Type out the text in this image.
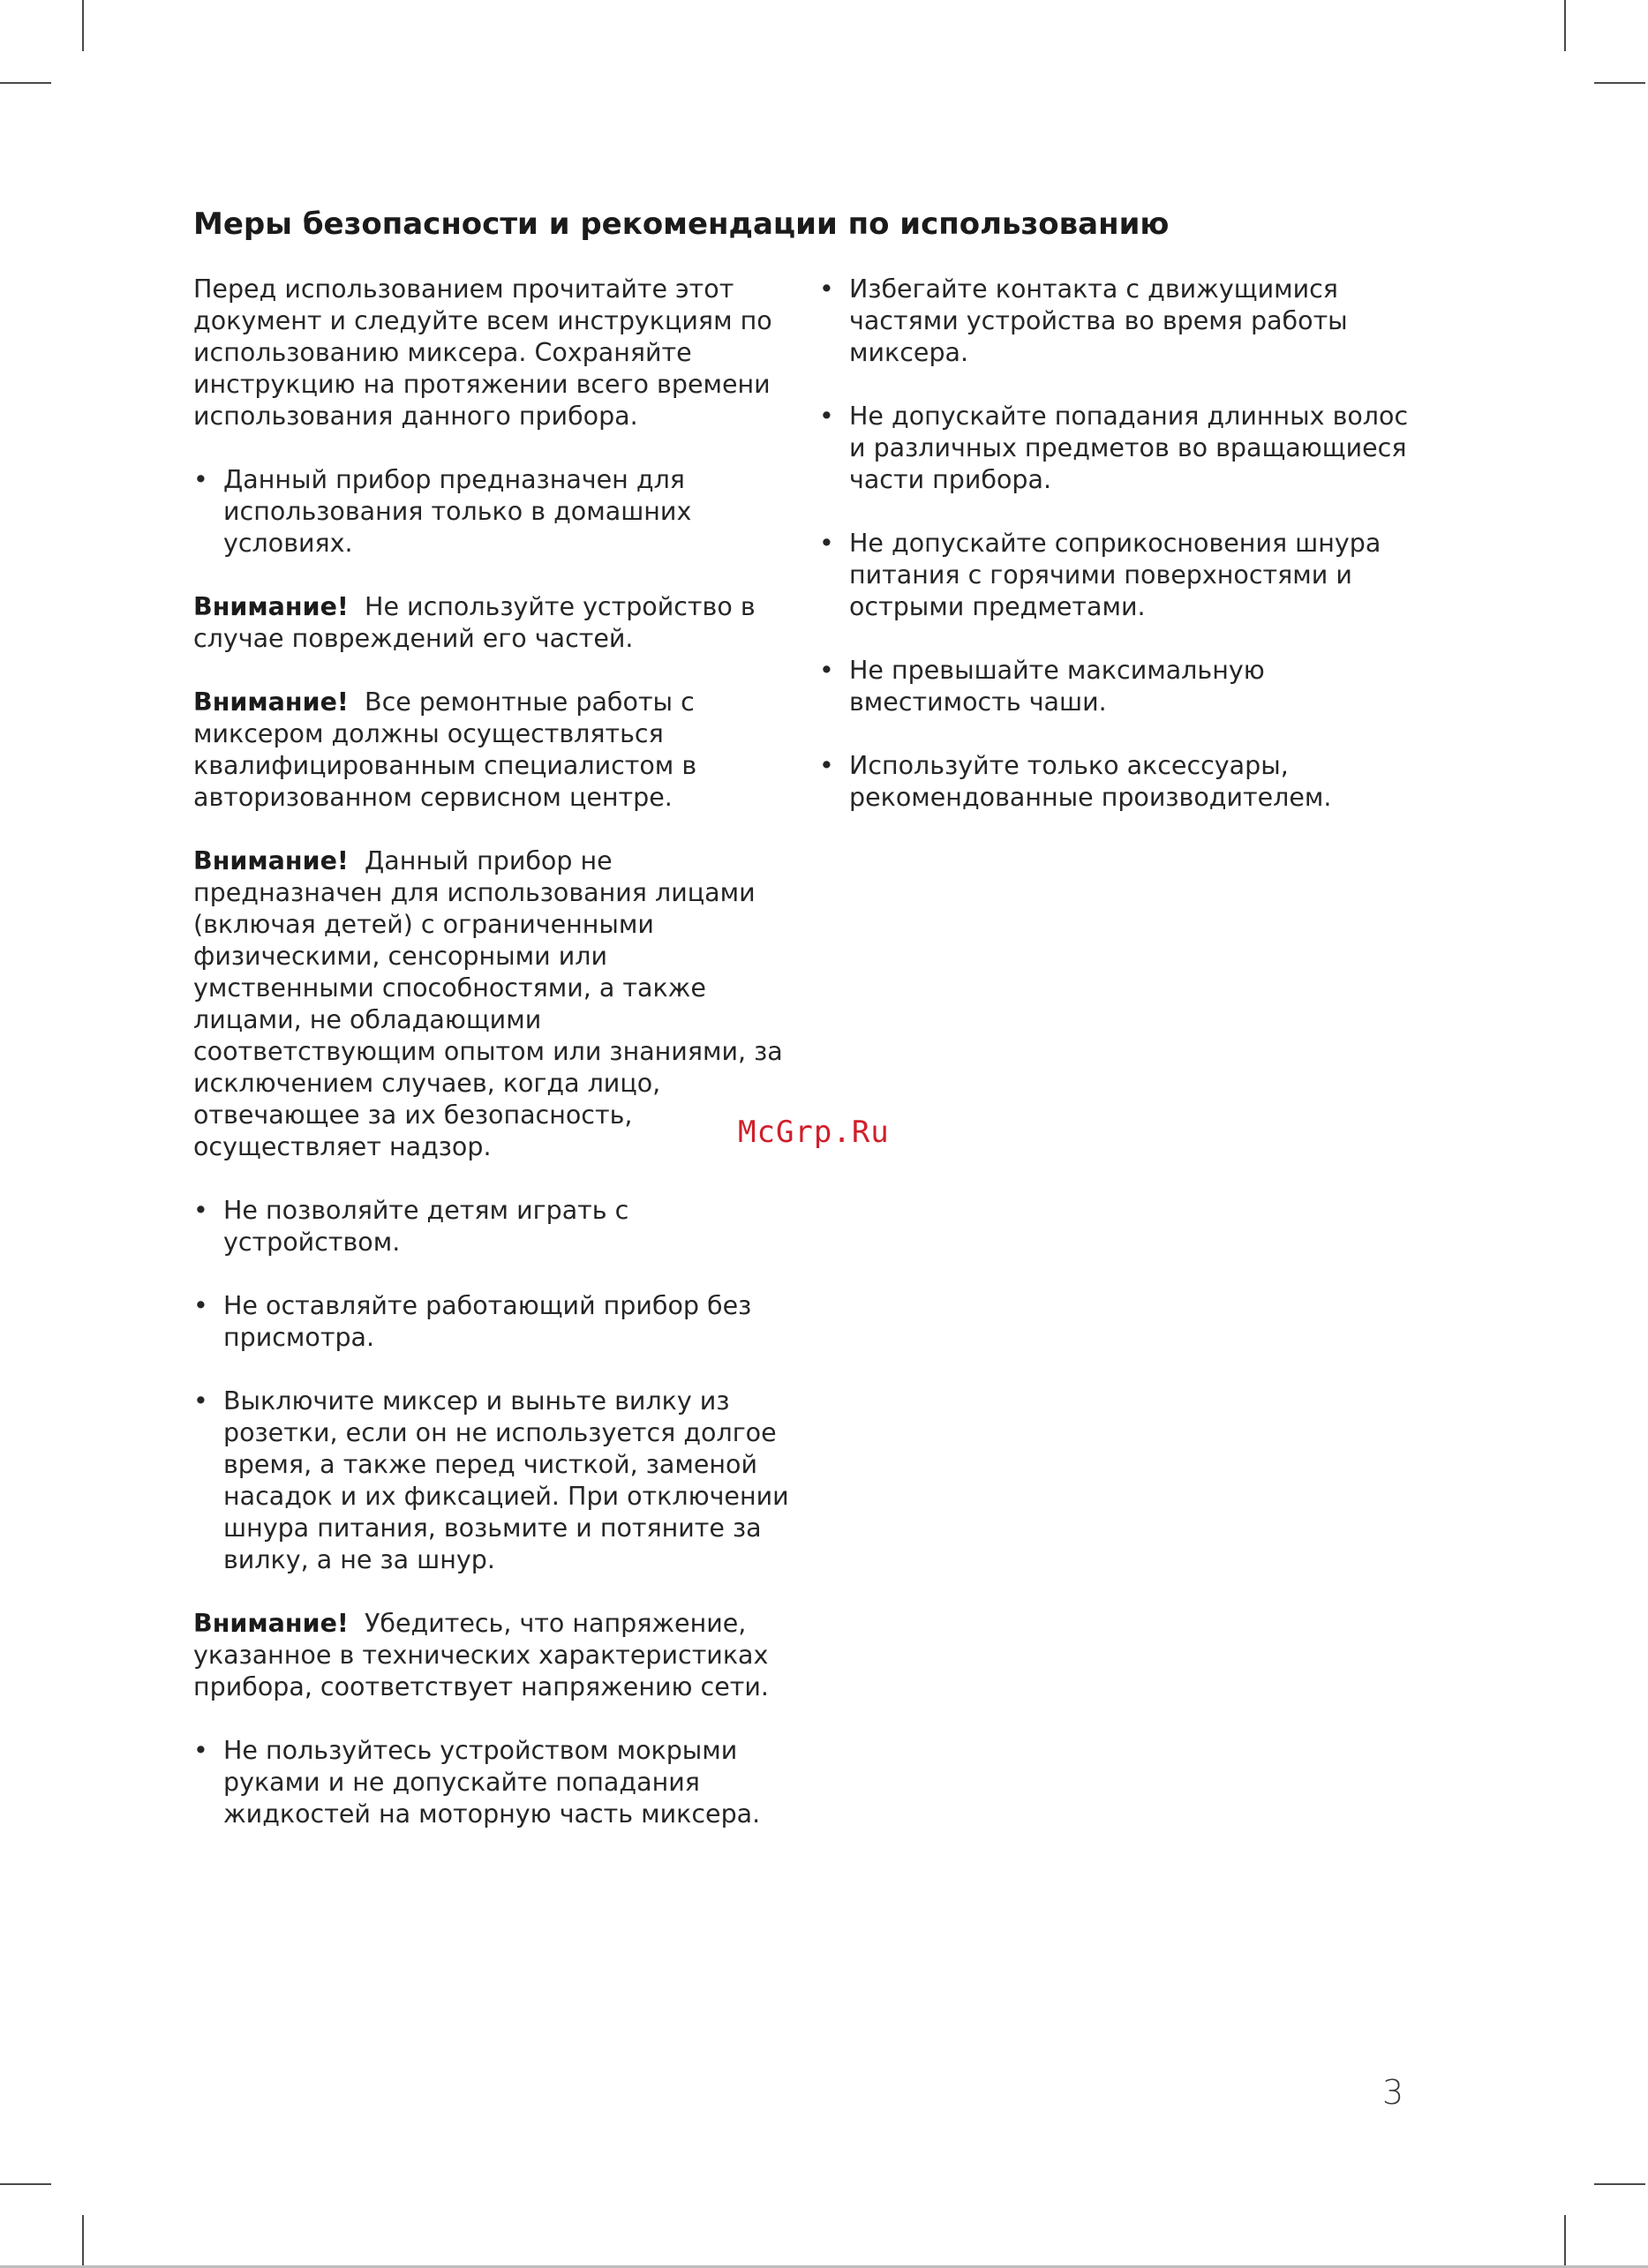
Меры безопасности и рекомендации по использованию

Перед использованием прочитайте этот документ и следуйте всем инструкциям по использованию миксера. Сохраняйте инструкцию на протяжении всего времени использования данного прибора.

• Данный прибор предназначен для использования только в домашних условиях.

Внимание! Не используйте устройство в случае повреждений его частей.

Внимание! Все ремонтные работы с миксером должны осуществляться квалифицированным специалистом в авторизованном сервисном центре.

Внимание! Данный прибор не предназначен для использования лицами (включая детей) с ограниченными физическими, сенсорными или умственными способностями, а также лицами, не обладающими соответствующим опытом или знаниями, за исключением случаев, когда лицо, отвечающее за их безопасность, осуществляет надзор.

• Не позволяйте детям играть с устройством.
• Не оставляйте работающий прибор без присмотра.
• Выключите миксер и выньте вилку из розетки, если он не используется долгое время, а также перед чисткой, заменой насадок и их фиксацией. При отключении шнура питания, возьмите и потяните за вилку, а не за шнур.

Внимание! Убедитесь, что напряжение, указанное в технических характеристиках прибора, соответствует напряжению сети.

• Не пользуйтесь устройством мокрыми руками и не допускайте попадания жидкостей на моторную часть миксера.
• Избегайте контакта с движущимися частями устройства во время работы миксера.
• Не допускайте попадания длинных волос и различных предметов во вращающиеся части прибора.
• Не допускайте соприкосновения шнура питания с горячими поверхностями и острыми предметами.
• Не превышайте максимальную вместимость чаши.
• Используйте только аксессуары, рекомендованные производителем.
McGrp.Ru
3
